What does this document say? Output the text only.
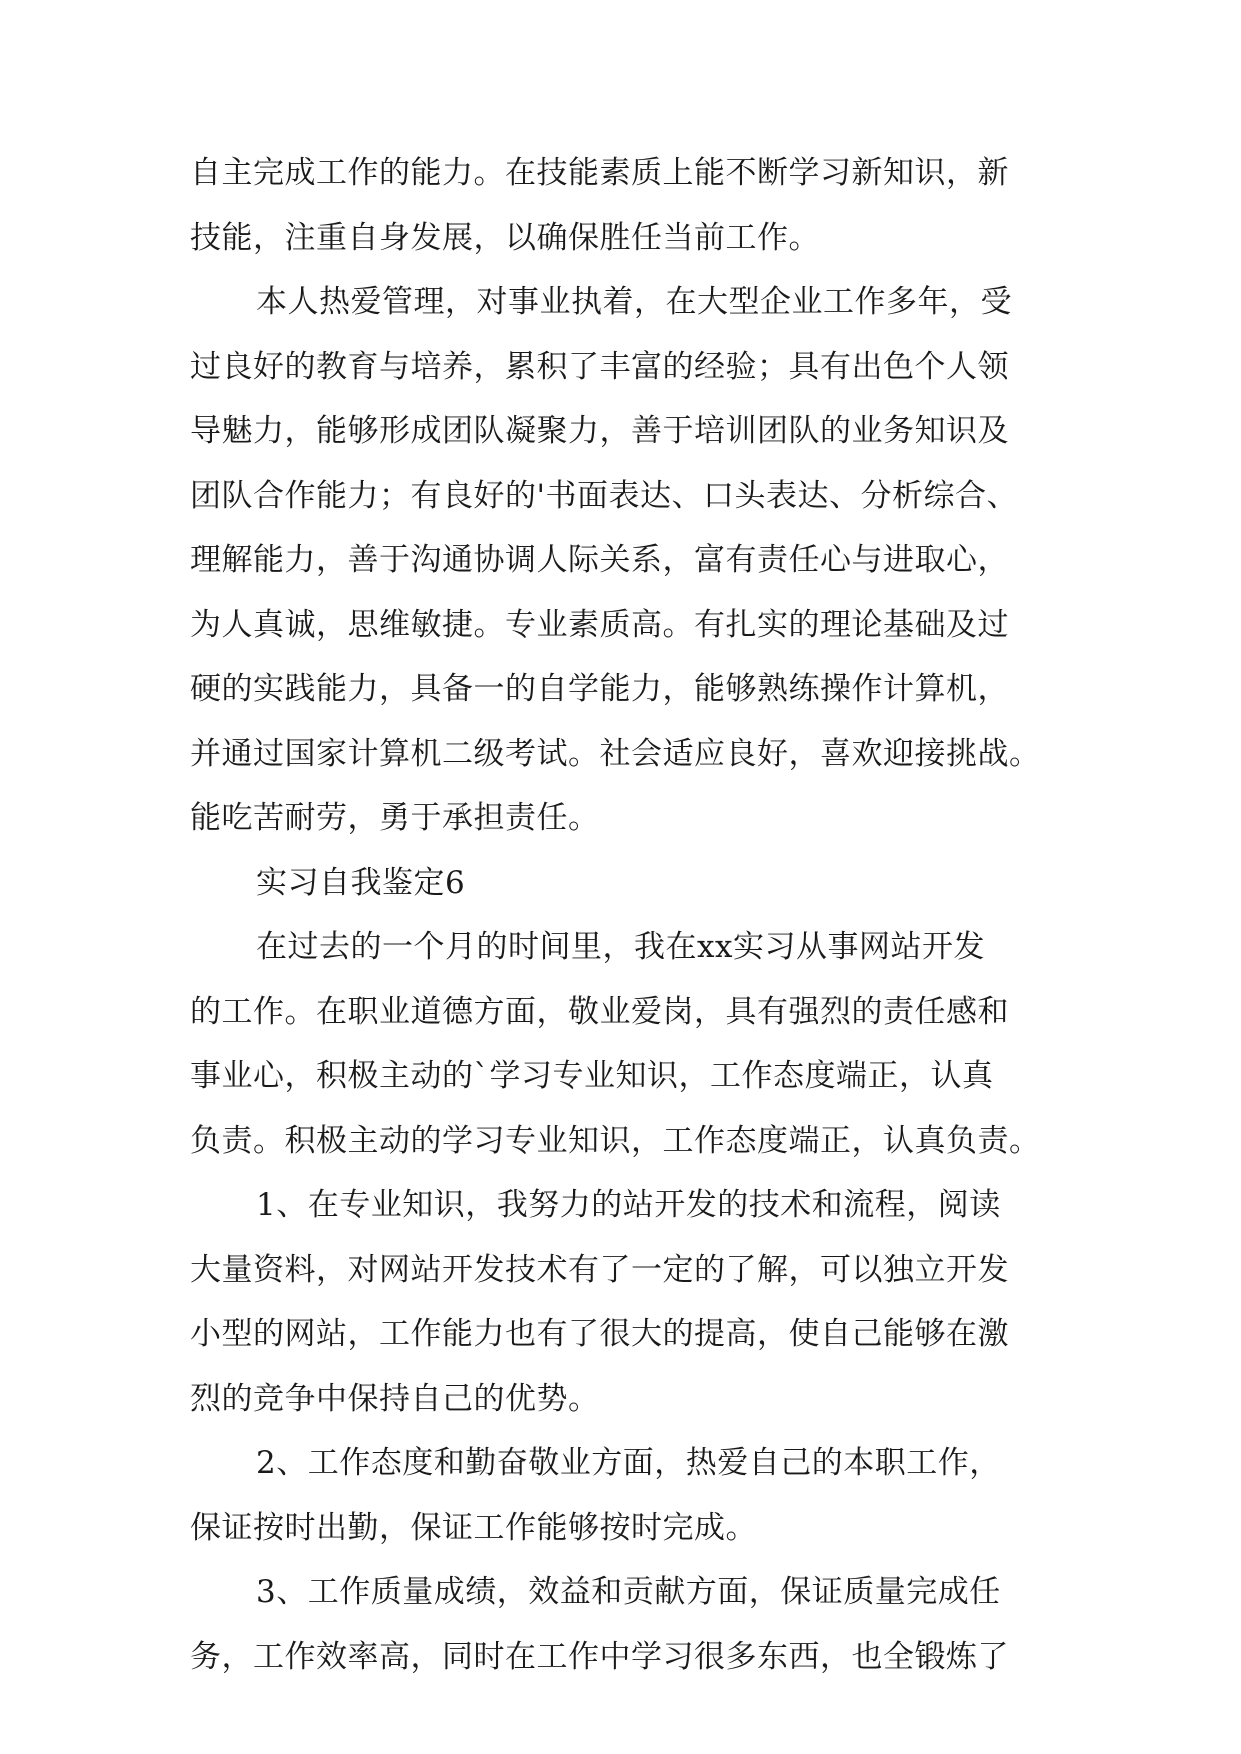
自主完成工作的能力。在技能素质上能不断学习新知识，新
技能，注重自身发展，以确保胜任当前工作。
本人热爱管理，对事业执着，在大型企业工作多年，受
过良好的教育与培养，累积了丰富的经验；具有出色个人领
导魅力，能够形成团队凝聚力，善于培训团队的业务知识及
团队合作能力；有良好的'书面表达、口头表达、分析综合、
理解能力，善于沟通协调人际关系，富有责任心与进取心，
为人真诚，思维敏捷。专业素质高。有扎实的理论基础及过
硬的实践能力，具备一的自学能力，能够熟练操作计算机，
并通过国家计算机二级考试。社会适应良好，喜欢迎接挑战。
能吃苦耐劳，勇于承担责任。
实习自我鉴定6
在过去的一个月的时间里，我在xx实习从事网站开发
的工作。在职业道德方面，敬业爱岗，具有强烈的责任感和
事业心，积极主动的`学习专业知识，工作态度端正，认真
负责。积极主动的学习专业知识，工作态度端正，认真负责。
1、在专业知识，我努力的站开发的技术和流程，阅读
大量资料，对网站开发技术有了一定的了解，可以独立开发
小型的网站，工作能力也有了很大的提高，使自己能够在激
烈的竞争中保持自己的优势。
2、工作态度和勤奋敬业方面，热爱自己的本职工作，
保证按时出勤，保证工作能够按时完成。
3、工作质量成绩，效益和贡献方面，保证质量完成任
务，工作效率高，同时在工作中学习很多东西，也全锻炼了
